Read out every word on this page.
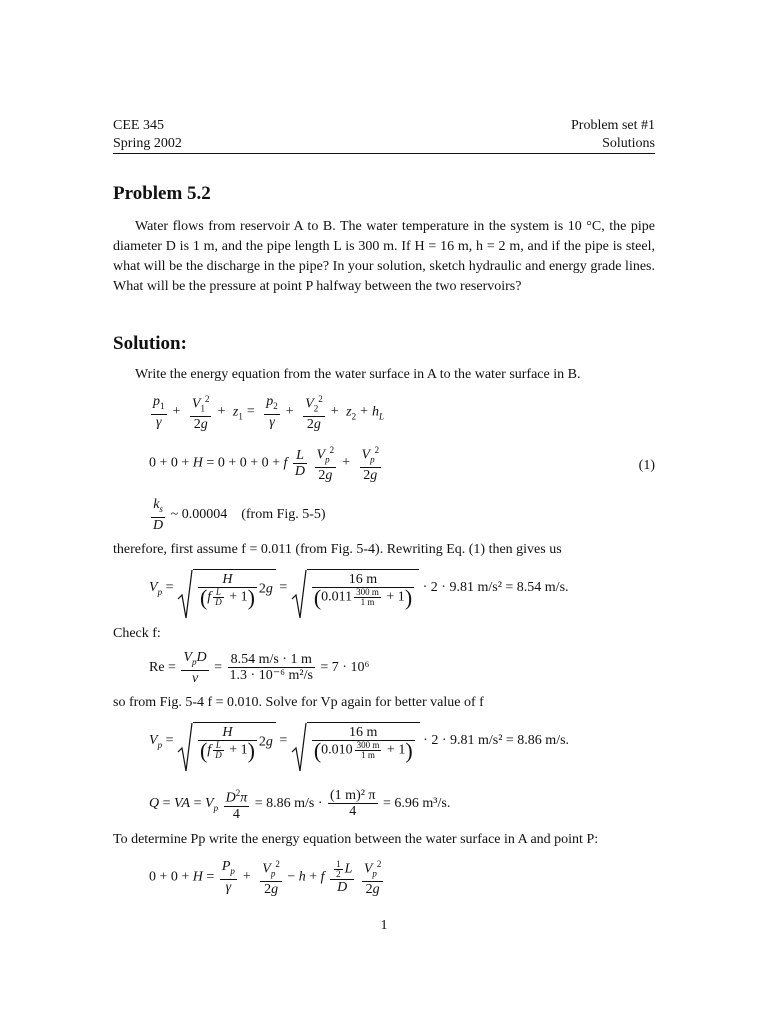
CEE 345	Problem set #1
Spring 2002	Solutions
Problem 5.2
Water flows from reservoir A to B. The water temperature in the system is 10 °C, the pipe diameter D is 1 m, and the pipe length L is 300 m. If H = 16 m, h = 2 m, and if the pipe is steel, what will be the discharge in the pipe? In your solution, sketch hydraulic and energy grade lines. What will be the pressure at point P halfway between the two reservoirs?
Solution:
Write the energy equation from the water surface in A to the water surface in B.
$\frac{p_1}{\gamma} + \frac{V_1^2}{2g} + z_1 = \frac{p_2}{\gamma} + \frac{V_2^2}{2g} + z_2 + h_L$
0 + 0 + H = 0 + 0 + 0 + f $\frac{L}{D}$
$\frac{V_p^2}{2g} + \frac{V_p^2}{2g}$	(1)
$\frac{k_s}{D}$ ~ 0.00004 (from Fig. 5-5)
therefore, first assume f = 0.011 (from Fig. 5-4). Rewriting Eq. (1) then gives us
$V_p$ =
H
$(f \frac{L}{D} + 1)$ $2g = \frac{16 m}{(0.011 \frac{300 m}{1 m} + 1)} \cdot 2 \cdot 9.81$ m/s² = 8.54 m/s.
Check f:
Re =
$V_pD$
ν
= $\frac{8.54 m/s \cdot 1 m}{\text{1.3 · 10⁻⁶ m²/s}} = 7 \cdot 10^6$
so from Fig. 5-4 f = 0.010. Solve for Vp again for better value of f
$V_p$ =
H
$(f \frac{L}{D} + 1)$ $2g = \frac{16 m}{(0.010 \frac{300 m}{1 m} + 1)} \cdot 2 \cdot 9.81$ m/s² = 8.86 m/s.
Q = VA = $V_p \frac{D^2\pi}{4} = 8.86$ $m/s \cdot \frac{\text{(1 m)² π}}{4} = 6.96$ m³/s.
To determine Pp write the energy equation between the water surface in A and point P:
$0 + 0 + H = \frac{P_p}{\gamma} + \frac{V_p^2}{2g} - h + f \frac{\frac{1}{2} L}{D}$
$\frac{V_p^2}{2g}$
1
